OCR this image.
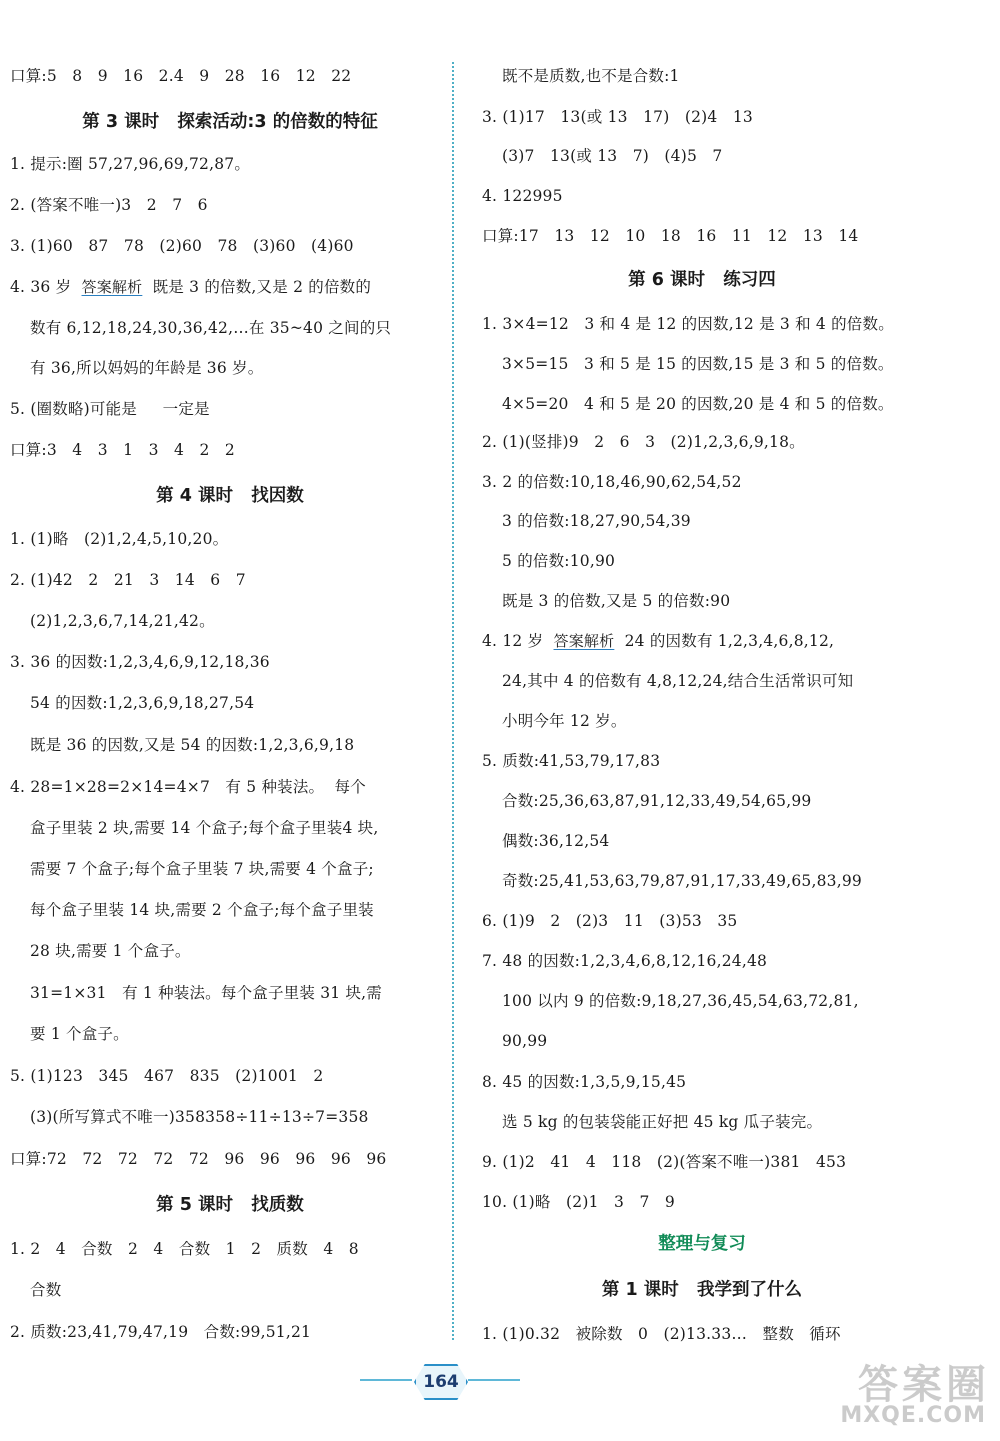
口算:5   8   9   16   2.4   9   28   16   12   22
第 3 课时   探索活动:3 的倍数的特征
1. 提示:圈 57,27,96,69,72,87。
2. (答案不唯一)3   2   7   6
3. (1)60   87   78   (2)60   78   (3)60   (4)60
4. 36 岁  答案解析  既是 3 的倍数,又是 2 的倍数的
数有 6,12,18,24,30,36,42,…在 35~40 之间的只
有 36,所以妈妈的年龄是 36 岁。
5. (圈数略)可能是     一定是
口算:3   4   3   1   3   4   2   2
第 4 课时   找因数
1. (1)略   (2)1,2,4,5,10,20。
2. (1)42   2   21   3   14   6   7
(2)1,2,3,6,7,14,21,42。
3. 36 的因数:1,2,3,4,6,9,12,18,36
54 的因数:1,2,3,6,9,18,27,54
既是 36 的因数,又是 54 的因数:1,2,3,6,9,18
4. 28=1×28=2×14=4×7   有 5 种装法。  每个
盒子里装 2 块,需要 14 个盒子;每个盒子里装4 块,
需要 7 个盒子;每个盒子里装 7 块,需要 4 个盒子;
每个盒子里装 14 块,需要 2 个盒子;每个盒子里装
28 块,需要 1 个盒子。
31=1×31   有 1 种装法。每个盒子里装 31 块,需
要 1 个盒子。
5. (1)123   345   467   835   (2)1001   2
(3)(所写算式不唯一)358358÷11÷13÷7=358
口算:72   72   72   72   72   96   96   96   96   96
第 5 课时   找质数
1. 2   4   合数   2   4   合数   1   2   质数   4   8
合数
2. 质数:23,41,79,47,19   合数:99,51,21
既不是质数,也不是合数:1
3. (1)17   13(或 13   17)   (2)4   13
(3)7   13(或 13   7)   (4)5   7
4. 122995
口算:17   13   12   10   18   16   11   12   13   14
第 6 课时   练习四
1. 3×4=12   3 和 4 是 12 的因数,12 是 3 和 4 的倍数。
3×5=15   3 和 5 是 15 的因数,15 是 3 和 5 的倍数。
4×5=20   4 和 5 是 20 的因数,20 是 4 和 5 的倍数。
2. (1)(竖排)9   2   6   3   (2)1,2,3,6,9,18。
3. 2 的倍数:10,18,46,90,62,54,52
3 的倍数:18,27,90,54,39
5 的倍数:10,90
既是 3 的倍数,又是 5 的倍数:90
4. 12 岁  答案解析  24 的因数有 1,2,3,4,6,8,12,
24,其中 4 的倍数有 4,8,12,24,结合生活常识可知
小明今年 12 岁。
5. 质数:41,53,79,17,83
合数:25,36,63,87,91,12,33,49,54,65,99
偶数:36,12,54
奇数:25,41,53,63,79,87,91,17,33,49,65,83,99
6. (1)9   2   (2)3   11   (3)53   35
7. 48 的因数:1,2,3,4,6,8,12,16,24,48
100 以内 9 的倍数:9,18,27,36,45,54,63,72,81,
90,99
8. 45 的因数:1,3,5,9,15,45
选 5 kg 的包装袋能正好把 45 kg 瓜子装完。
9. (1)2   41   4   118   (2)(答案不唯一)381   453
10. (1)略   (2)1   3   7   9
整理与复习
第 1 课时   我学到了什么
1. (1)0.32   被除数   0   (2)13.33…   整数   循环
164	答案圈
MXQE.COM
